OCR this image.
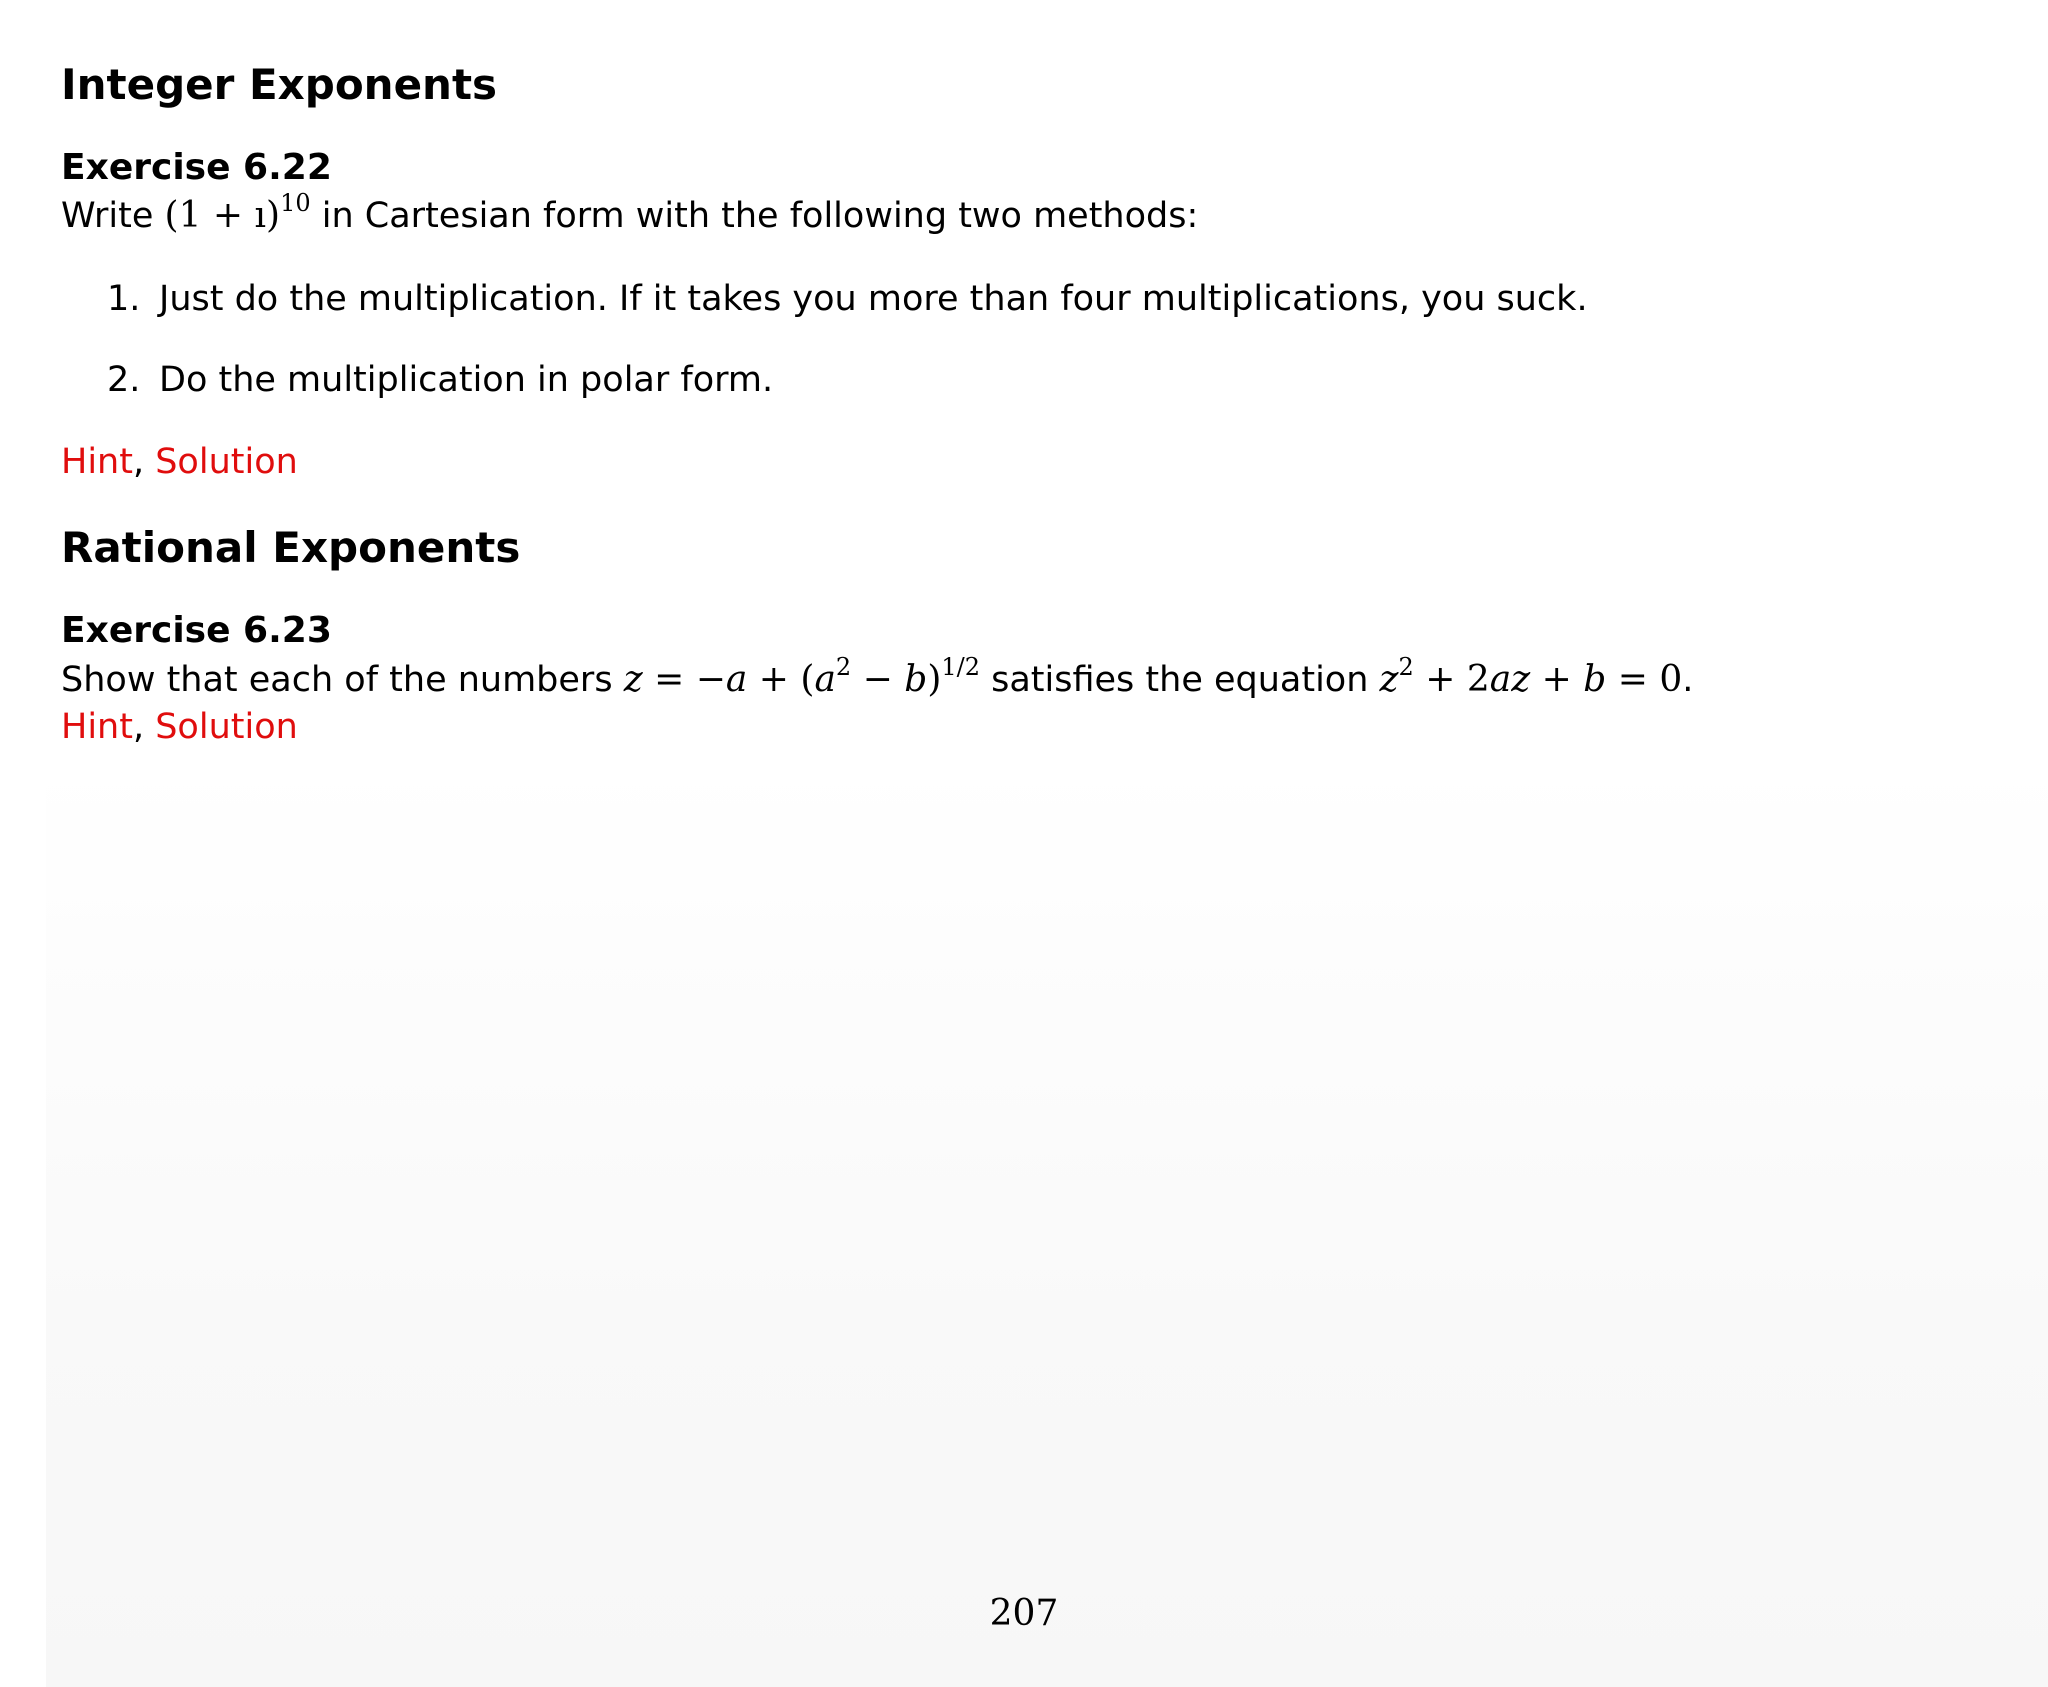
Integer Exponents
Exercise 6.22

Write (1 + ı)$^{10}$ in Cartesian form with the following two methods:

1. Just do the multiplication. If it takes you more than four multiplications, you suck.

2. Do the multiplication in polar form.

Hint, Solution

Rational Exponents
Exercise 6.23

Show that each of the numbers $z = -a + (a^2 - b)^{1/2}$ satisfies the equation $z^2 + 2az + b = 0$.

Hint, Solution

207
